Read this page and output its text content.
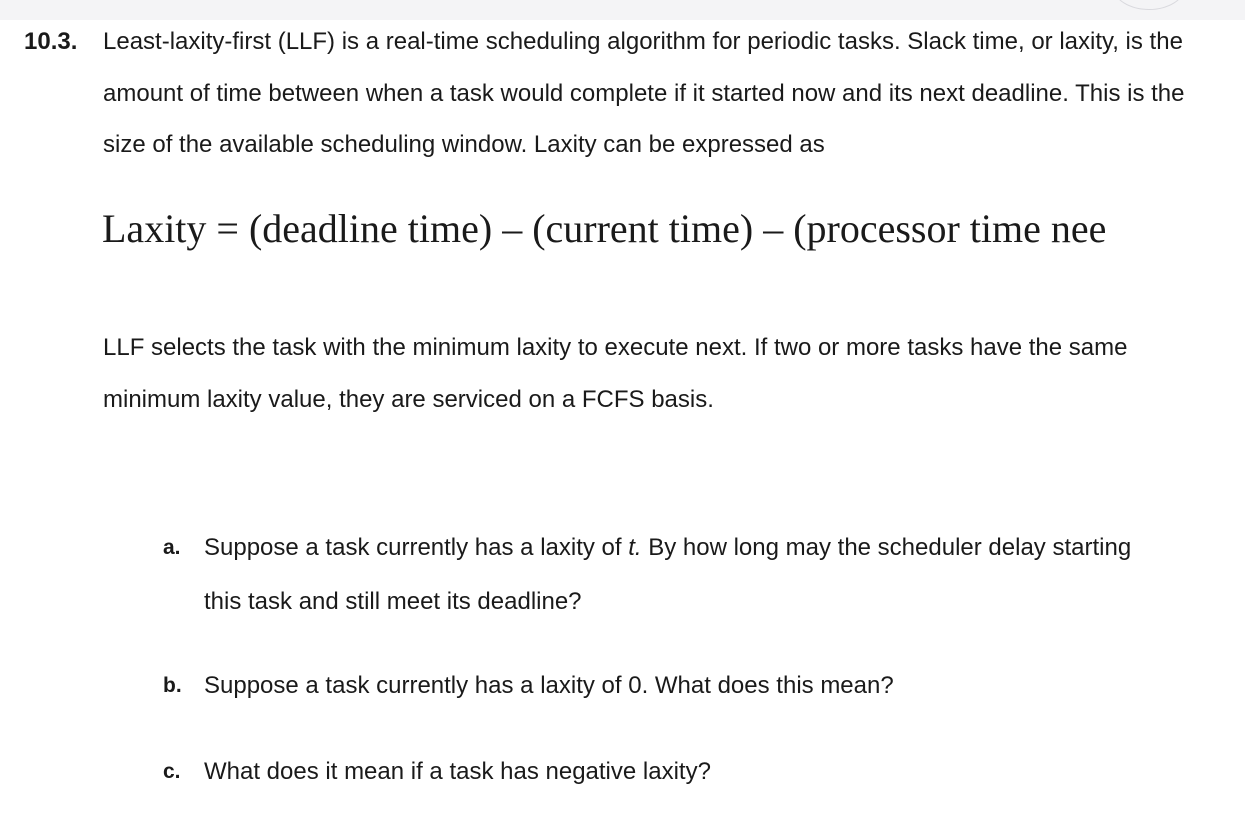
10.3. Least-laxity-first (LLF) is a real-time scheduling algorithm for periodic tasks. Slack time, or laxity, is the amount of time between when a task would complete if it started now and its next deadline. This is the size of the available scheduling window. Laxity can be expressed as

Laxity = (deadline time) – (current time) – (processor time nee

LLF selects the task with the minimum laxity to execute next. If two or more tasks have the same minimum laxity value, they are serviced on a FCFS basis.

a. Suppose a task currently has a laxity of t. By how long may the scheduler delay starting this task and still meet its deadline?

b. Suppose a task currently has a laxity of 0. What does this mean?

c. What does it mean if a task has negative laxity?
